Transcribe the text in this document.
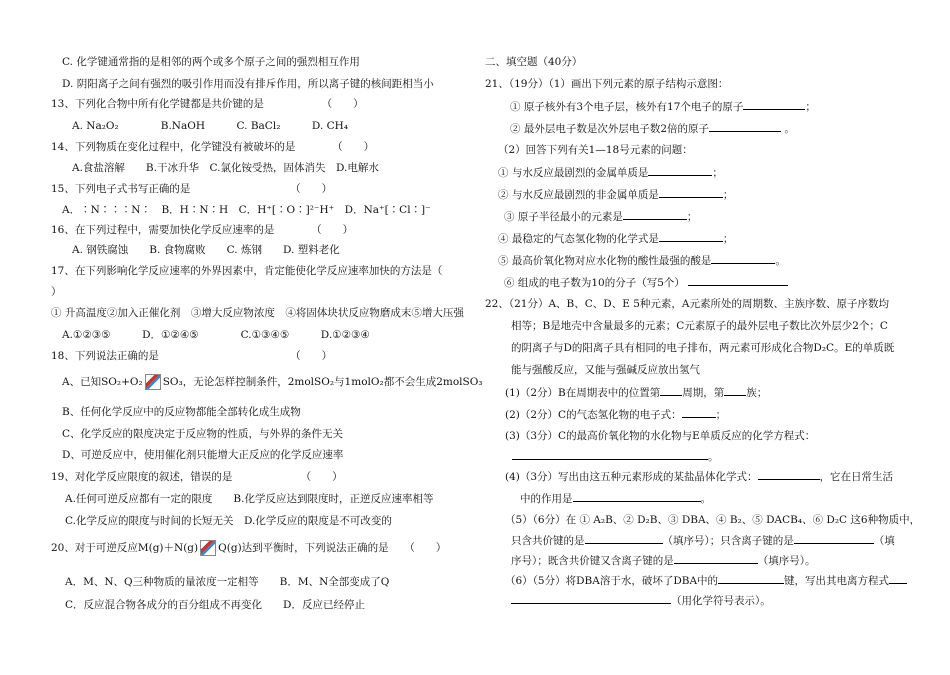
C. 化学键通常指的是相邻的两个或多个原子之间的强烈相互作用
D. 阴阳离子之间有强烈的吸引作用而没有排斥作用，所以离子键的核间距相当小
13、下列化合物中所有化学键都是共价键的是　　　　　　（　　）
A. Na₂O₂　　　　B.NaOH　　　C. BaCl₂　　　D. CH₄
14、下列物质在变化过程中，化学键没有被破坏的是　　　　（　　）
A.食盐溶解　　B.干冰升华　C.氯化铵受热，固体消失　D.电解水
15、下列电子式书写正确的是　　　　　　　　　　（　　）
A．∶N∶∶∶N∶　B．H∶N∶H　C．H⁺[∶O∶]²⁻H⁺　D．Na⁺[∶Cl∶]⁻
16、在下列过程中，需要加快化学反应速率的是　　　　（　　）
A. 钢铁腐蚀　　B. 食物腐败　　C. 炼钢　　D. 塑料老化
17、在下列影响化学反应速率的外界因素中，肯定能使化学反应速率加快的方法是（
）
① 升高温度②加入正催化剂　③增大反应物浓度　④将固体块状反应物磨成末⑤增大压强
A.①②③⑤　　　D．①②④⑤　　　　C.①③④⑤　　　D.①②③④
18、下列说法正确的是　　　　　　　　　　　　　（　　）
A、已知SO₂+O₂ SO₃，无论怎样控制条件，2molSO₂与1molO₂都不会生成2molSO₃
B、任何化学反应中的反应物都能全部转化成生成物
C、化学反应的限度决定于反应物的性质，与外界的条件无关
D、可逆反应中，使用催化剂只能增大正反应的化学反应速率
19、对化学反应限度的叙述，错误的是　　　　　　　（　　）
A.任何可逆反应都有一定的限度　　B.化学反应达到限度时，正逆反应速率相等
C.化学反应的限度与时间的长短无关　D.化学反应的限度是不可改变的
20、对于可逆反应M(g)＋N(g) Q(g)达到平衡时，下列说法正确的是　　（　　）
A．M、N、Q三种物质的量浓度一定相等　　B．M、N全部变成了Q
C．反应混合物各成分的百分组成不再变化　　D．反应已经停止
二、填空题（40分）
21、（19分）（1）画出下列元素的原子结构示意图：
① 原子核外有3个电子层，核外有17个电子的原子	；
② 最外层电子数是次外层电子数2倍的原子	。
（2）回答下列有关1—18号元素的问题：
① 与水反应最剧烈的金属单质是	；
② 与水反应最剧烈的非金属单质是	；
③ 原子半径最小的元素是	；
④ 最稳定的气态氢化物的化学式是	；
⑤ 最高价氧化物对应水化物的酸性最强的酸是	。
⑥ 组成的电子数为10的分子（写5个）
22、（21分）A、B、C、D、E 5种元素，A元素所处的周期数、主族序数、原子序数均
相等；B是地壳中含量最多的元素；C元素原子的最外层电子数比次外层少2个；C
的阴离子与D的阳离子具有相同的电子排布，两元素可形成化合物D₂C。E的单质既
能与强酸反应，又能与强碱反应放出氢气
(1)（2分）B在周期表中的位置第 周期，第 族；
(2)（2分）C的气态氢化物的电子式：	；
(3)（3分）C的最高价氧化物的水化物与E单质反应的化学方程式：
。
(4)（3分）写出由这五种元素形成的某盐晶体化学式：	，它在日常生活
中的作用是	。
（5）（6分）在 ① A₂B、② D₂B、③ DBA、④ B₂、⑤ DACB₄、⑥ D₂C 这6种物质中，
只含共价键的是	（填序号）；只含离子键的是	（填
序号）；既含共价键又含离子键的是	（填序号）。
（6）（5分）将DBA溶于水，破坏了DBA中的	键，写出其电离方程式
（用化学符号表示）。
